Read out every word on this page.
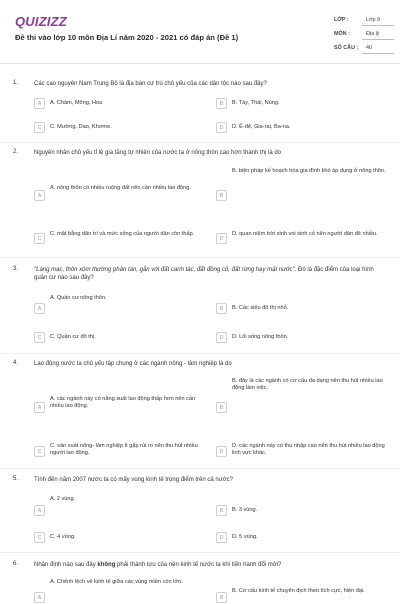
QUIZIZZ
Đề thi vào lớp 10 môn Địa Lí năm 2020 - 2021 có đáp án (Đề 1)
LỚP :	Lớp 9
MÔN :	Địa lý
SỐ CÂU :	40
1.	Các cao nguyên Nam Trung Bộ là địa bàn cư trú chủ yếu của các dân tộc nào sau đây?
A	A. Chăm, Mông, Hoa	B	B. Tày, Thái, Nùng.
C	C. Mường, Dao, Khơme.	D	D. Ê-đê, Gia-rai, Ba-na.
2.	Nguyên nhân chủ yếu tỉ lệ gia tăng tự nhiên của nước ta ở nông thôn cao hơn thành thị là do
A
A. nông thôn có nhiều ruộng đất nên cần nhiều lao động.
B
B. biện pháp kế hoạch hóa gia đình khó áp dụng ở nông thôn.
C
C. mặt bằng dân trí và mức sống của người dân còn thấp.
D
D. quan niệm trời sinh voi sinh cỏ nên người dân đẻ nhiều.
3.	"Làng mạc, thôn xóm thường phân tán, gắn với đất canh tác, đất đồng cỏ, đất rừng hay mặt nước". Đó là đặc điểm của loại hình quần cư nào sau đây?
A
A. Quần cư nông thôn.
B	B. Các siêu đô thị nhỏ.
C	C. Quần cư đô thị.	D	D. Lối sống nông thôn.
4.	Lao động nước ta chủ yếu tập chung ở các ngành nông - lâm nghiệp là do
A
A. các ngành này có năng suất lao động thấp hơn nên cần nhiều lao động.	B
B. đây là các ngành có cơ cấu đa dạng nên thu hút nhiều lao động làm việc.
C
C. sản xuất nông- lâm nghiệp ít gặp rủi ro nên thu hút nhiều người lao động.	D
D. các ngành này có thu nhập cao nên thu hút nhiều lao động linh vực khác.
5.	Tính đến năm 2007 nước ta có mấy vùng kinh tế trọng điểm trên cả nước?
A
A. 2 vùng.
B	B. 3 vùng.
C	C. 4 vùng.	D	D. 5 vùng.
6.	Nhận định nào sau đây không phải thành tựu của nền kinh tế nước ta khi tiến hành đổi mới?
A
A. Chênh lệch về kinh tế giữa các vùng miền còn lớn.
B
B. Cơ cấu kinh tế chuyển dịch theo tích cực, hiện đại.
